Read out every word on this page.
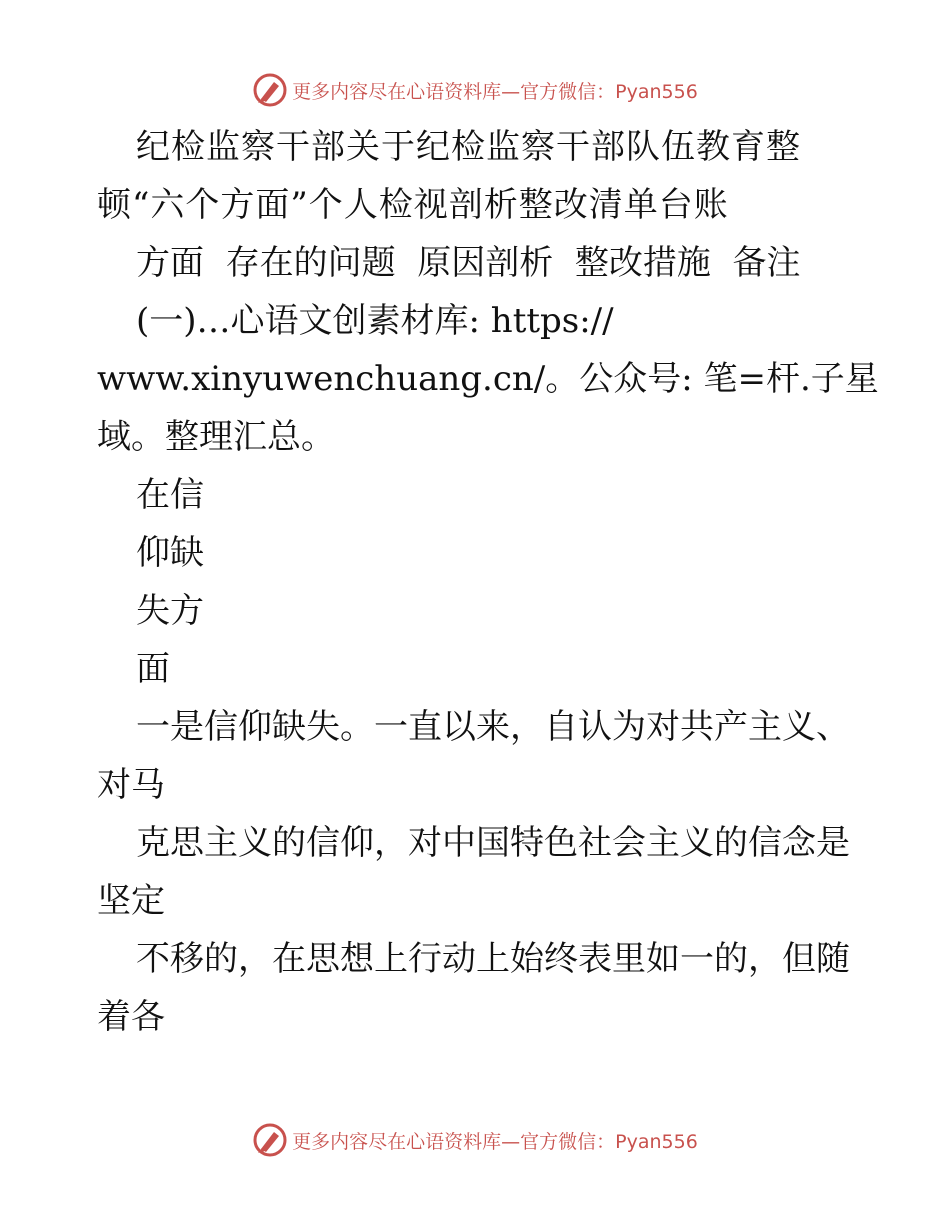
更多内容尽在心语资料库—官方微信：Pyan556

纪检监察干部关于纪检监察干部队伍教育整

顿“六个方面”个人检视剖析整改清单台账

方面  存在的问题  原因剖析  整改措施  备注

(一)…心语文创素材库: https://

www.xinyuwenchuang.cn/。公众号: 笔=杆.子星

域。整理汇总。

在信

仰缺

失方

面

一是信仰缺失。一直以来，自认为对共产主义、

对马

克思主义的信仰，对中国特色社会主义的信念是

坚定

不移的，在思想上行动上始终表里如一的，但随

着各

更多内容尽在心语资料库—官方微信：Pyan556
